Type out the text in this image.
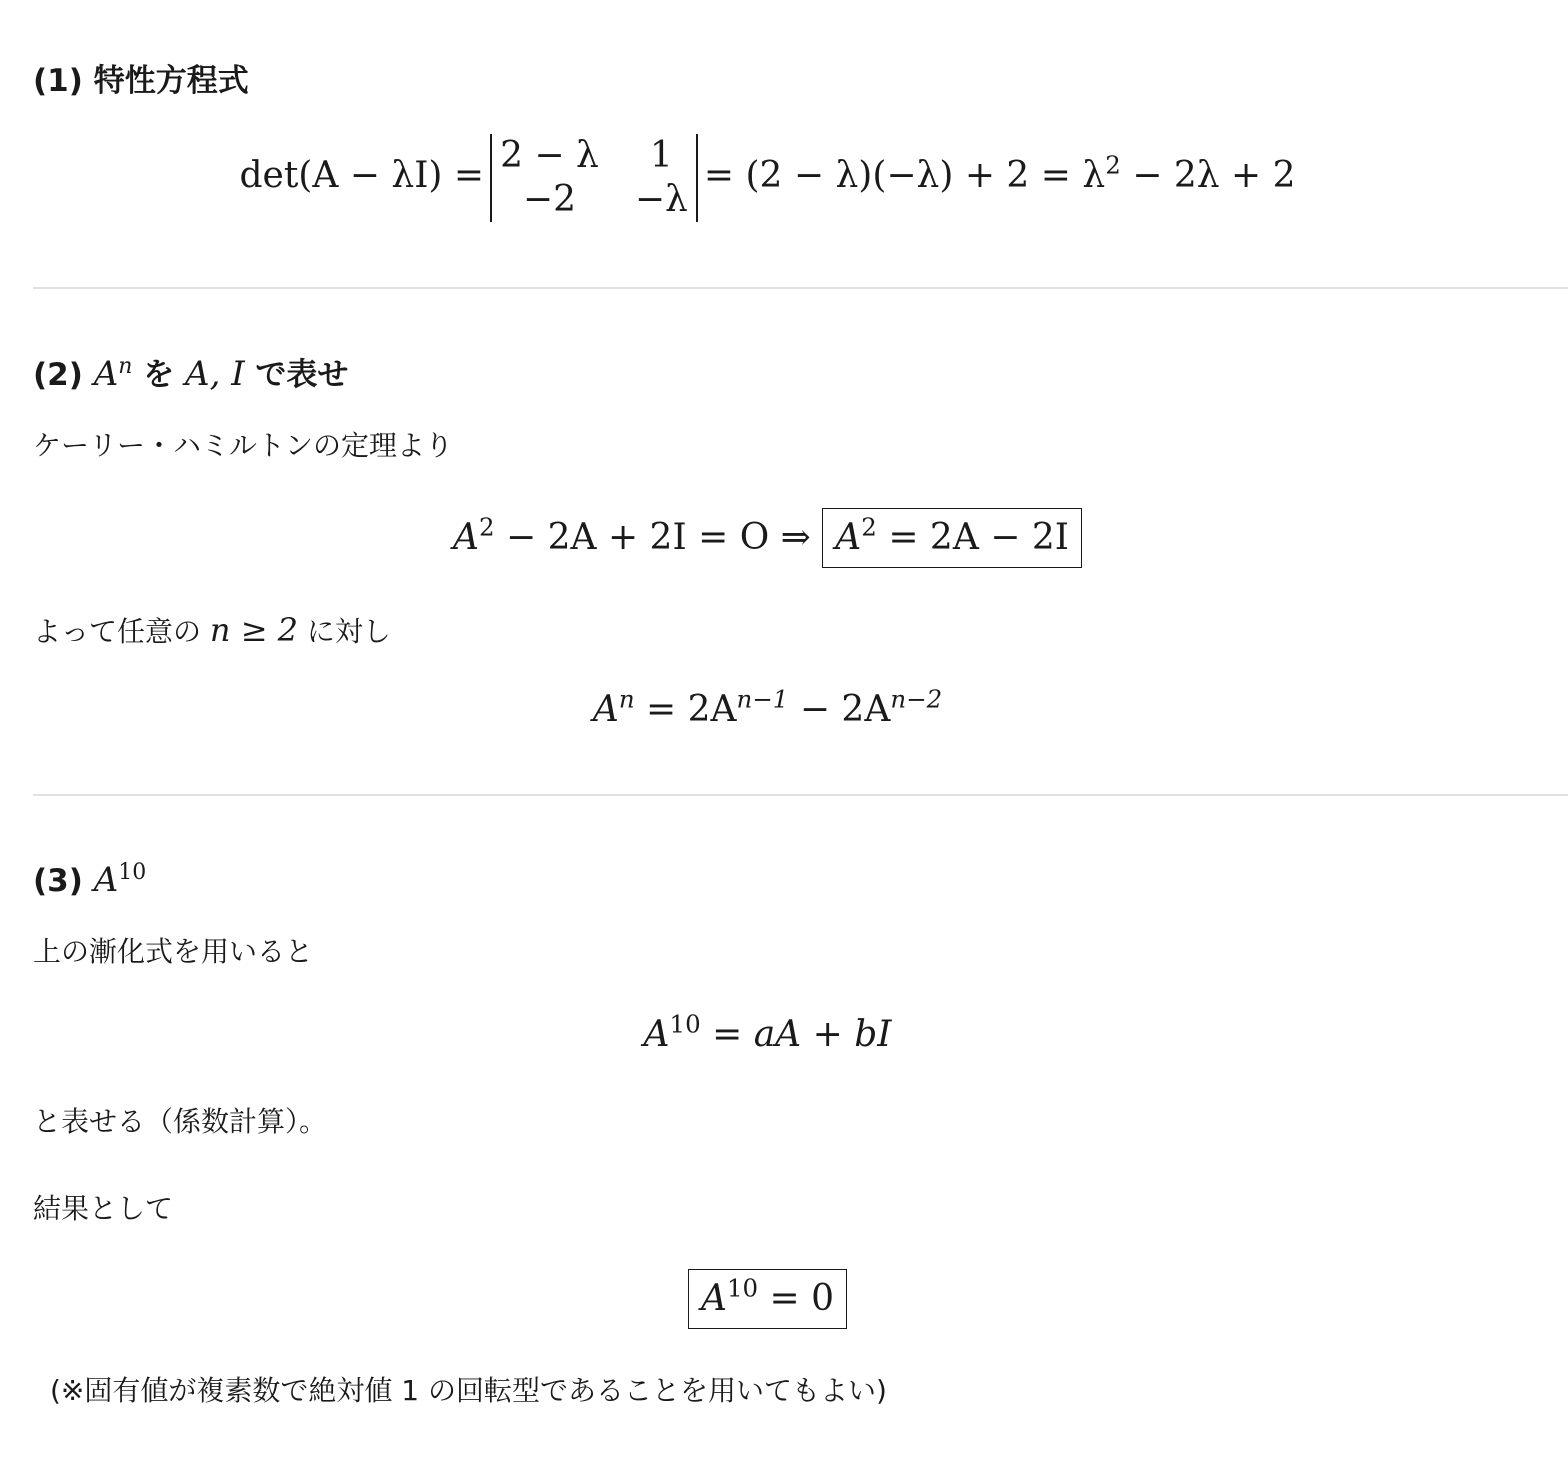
(1) 特性方程式
det(A − λI) = 2 − λ	1
−2	−λ
= $(2 - \lambda)(-\lambda) + 2 = \lambda^2 - 2\lambda + 2$
(2) $A^n$ を A, I で表せ
ケーリー・ハミルトンの定理より
$A^2 - 2A + 2I = O$ ⇒ $A^2 = 2A - 2I$
よって任意の n ≥ 2 に対し
$A^n = 2A^{n-1} - 2A^{n-2}$
(3) $A^{10}$
上の漸化式を用いると
$A^{10}$ = aA + bI
と表せる（係数計算）。
結果として
$A^{10} = 0$
(※固有値が複素数で絶対値 1 の回転型であることを用いてもよい)
